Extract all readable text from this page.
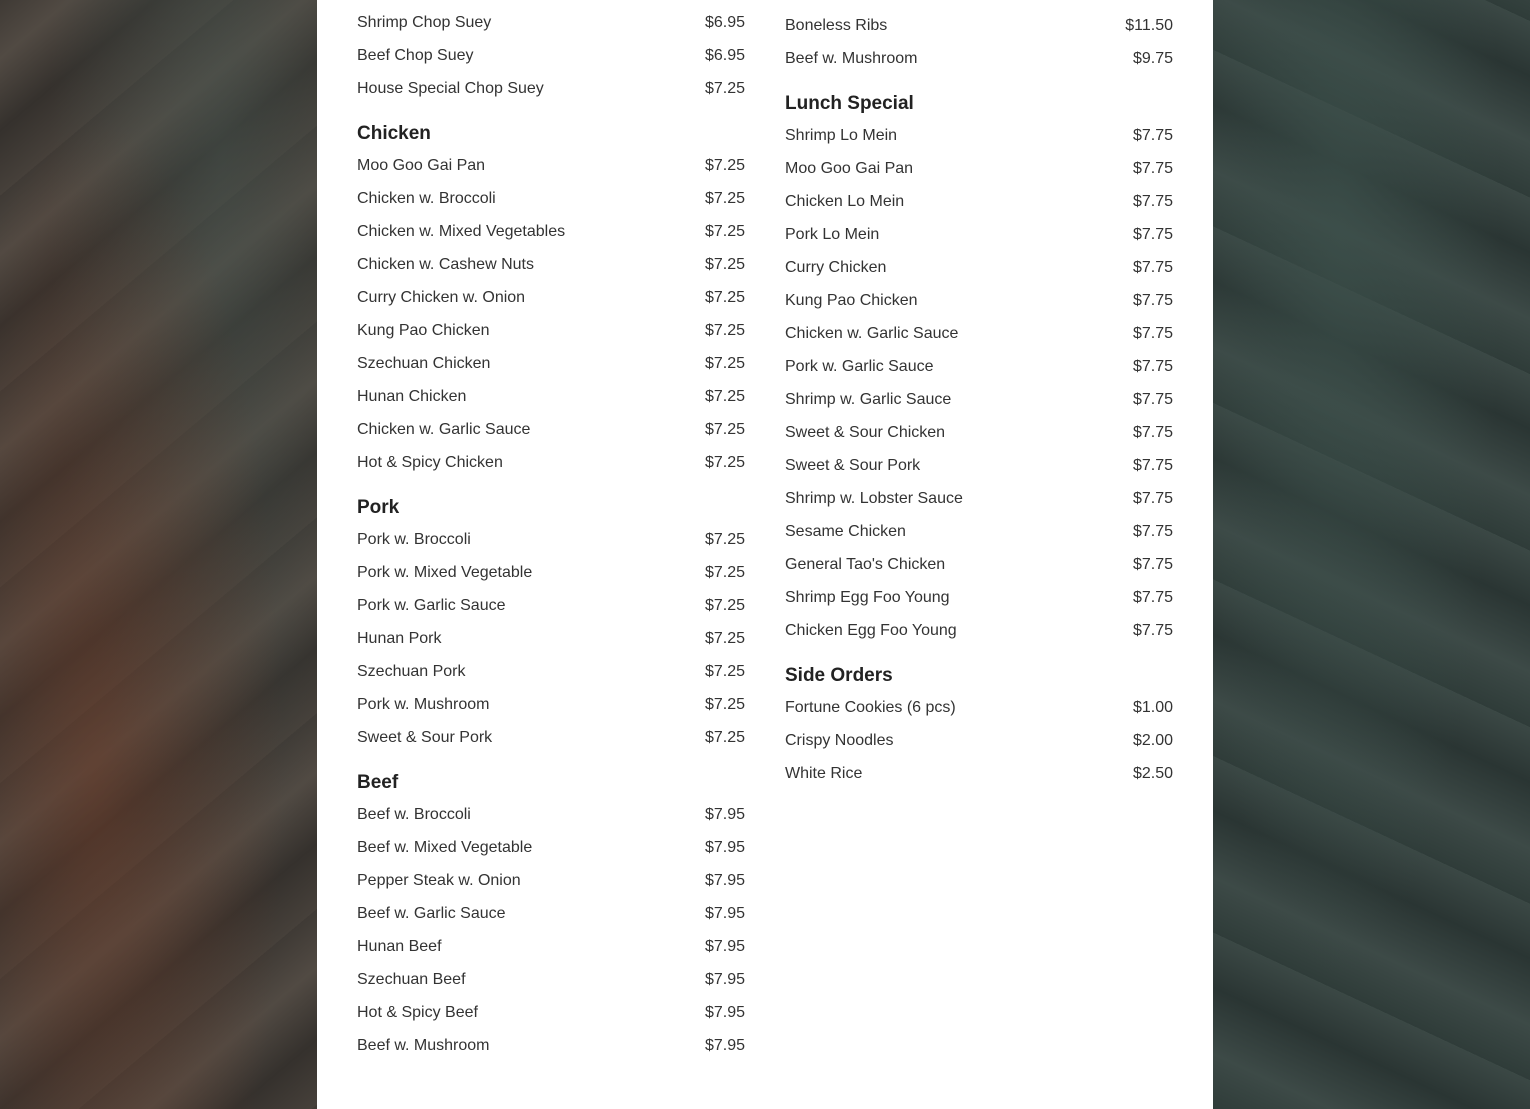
Shrimp Chop Suey	$6.95
Beef Chop Suey	$6.95
House Special Chop Suey	$7.25
Chicken
Moo Goo Gai Pan	$7.25
Chicken w. Broccoli	$7.25
Chicken w. Mixed Vegetables	$7.25
Chicken w. Cashew Nuts	$7.25
Curry Chicken w. Onion	$7.25
Kung Pao Chicken	$7.25
Szechuan Chicken	$7.25
Hunan Chicken	$7.25
Chicken w. Garlic Sauce	$7.25
Hot & Spicy Chicken	$7.25
Pork
Pork w. Broccoli	$7.25
Pork w. Mixed Vegetable	$7.25
Pork w. Garlic Sauce	$7.25
Hunan Pork	$7.25
Szechuan Pork	$7.25
Pork w. Mushroom	$7.25
Sweet & Sour Pork	$7.25
Beef
Beef w. Broccoli	$7.95
Beef w. Mixed Vegetable	$7.95
Pepper Steak w. Onion	$7.95
Beef w. Garlic Sauce	$7.95
Hunan Beef	$7.95
Szechuan Beef	$7.95
Hot & Spicy Beef	$7.95
Beef w. Mushroom	$7.95
Boneless Ribs	$11.50
Beef w. Mushroom	$9.75
Lunch Special
Shrimp Lo Mein	$7.75
Moo Goo Gai Pan	$7.75
Chicken Lo Mein	$7.75
Pork Lo Mein	$7.75
Curry Chicken	$7.75
Kung Pao Chicken	$7.75
Chicken w. Garlic Sauce	$7.75
Pork w. Garlic Sauce	$7.75
Shrimp w. Garlic Sauce	$7.75
Sweet & Sour Chicken	$7.75
Sweet & Sour Pork	$7.75
Shrimp w. Lobster Sauce	$7.75
Sesame Chicken	$7.75
General Tao's Chicken	$7.75
Shrimp Egg Foo Young	$7.75
Chicken Egg Foo Young	$7.75
Side Orders
Fortune Cookies (6 pcs)	$1.00
Crispy Noodles	$2.00
White Rice	$2.50
